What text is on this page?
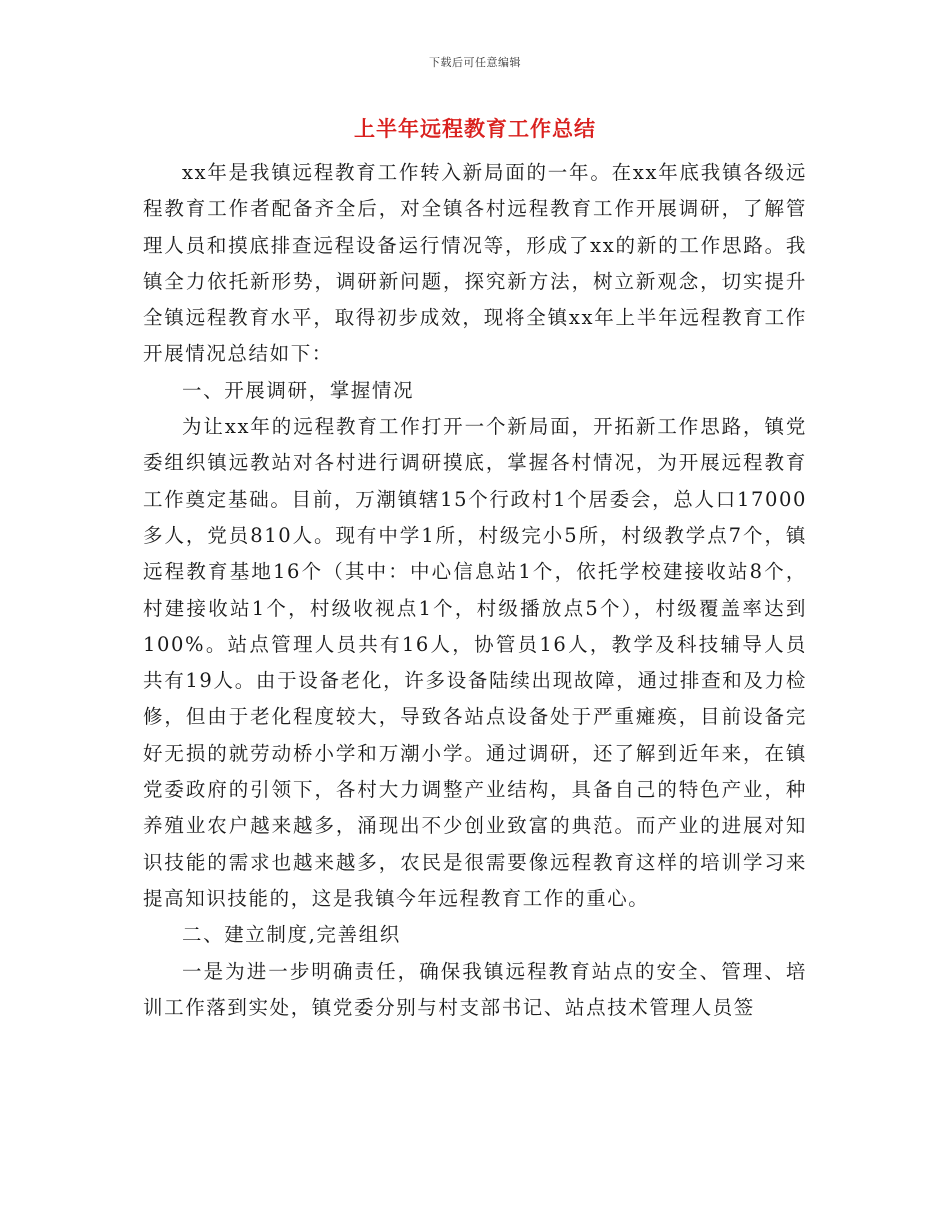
下载后可任意编辑
上半年远程教育工作总结

xx年是我镇远程教育工作转入新局面的一年。在xx年底我镇各级远程教育工作者配备齐全后，对全镇各村远程教育工作开展调研，了解管理人员和摸底排查远程设备运行情况等，形成了xx的新的工作思路。我镇全力依托新形势，调研新问题，探究新方法，树立新观念，切实提升全镇远程教育水平，取得初步成效，现将全镇xx年上半年远程教育工作开展情况总结如下：

一、开展调研，掌握情况

为让xx年的远程教育工作打开一个新局面，开拓新工作思路，镇党委组织镇远教站对各村进行调研摸底，掌握各村情况，为开展远程教育工作奠定基础。目前，万潮镇辖15个行政村1个居委会，总人口17000多人，党员810人。现有中学1所，村级完小5所，村级教学点7个，镇远程教育基地16个（其中：中心信息站1个，依托学校建接收站8个，村建接收站1个，村级收视点1个，村级播放点5个），村级覆盖率达到100%。站点管理人员共有16人，协管员16人，教学及科技辅导人员共有19人。由于设备老化，许多设备陆续出现故障，通过排查和及力检修，但由于老化程度较大，导致各站点设备处于严重瘫痪，目前设备完好无损的就劳动桥小学和万潮小学。通过调研，还了解到近年来，在镇党委政府的引领下，各村大力调整产业结构，具备自己的特色产业，种养殖业农户越来越多，涌现出不少创业致富的典范。而产业的进展对知识技能的需求也越来越多，农民是很需要像远程教育这样的培训学习来提高知识技能的，这是我镇今年远程教育工作的重心。

二、建立制度,完善组织

一是为进一步明确责任，确保我镇远程教育站点的安全、管理、培训工作落到实处，镇党委分别与村支部书记、站点技术管理人员签
